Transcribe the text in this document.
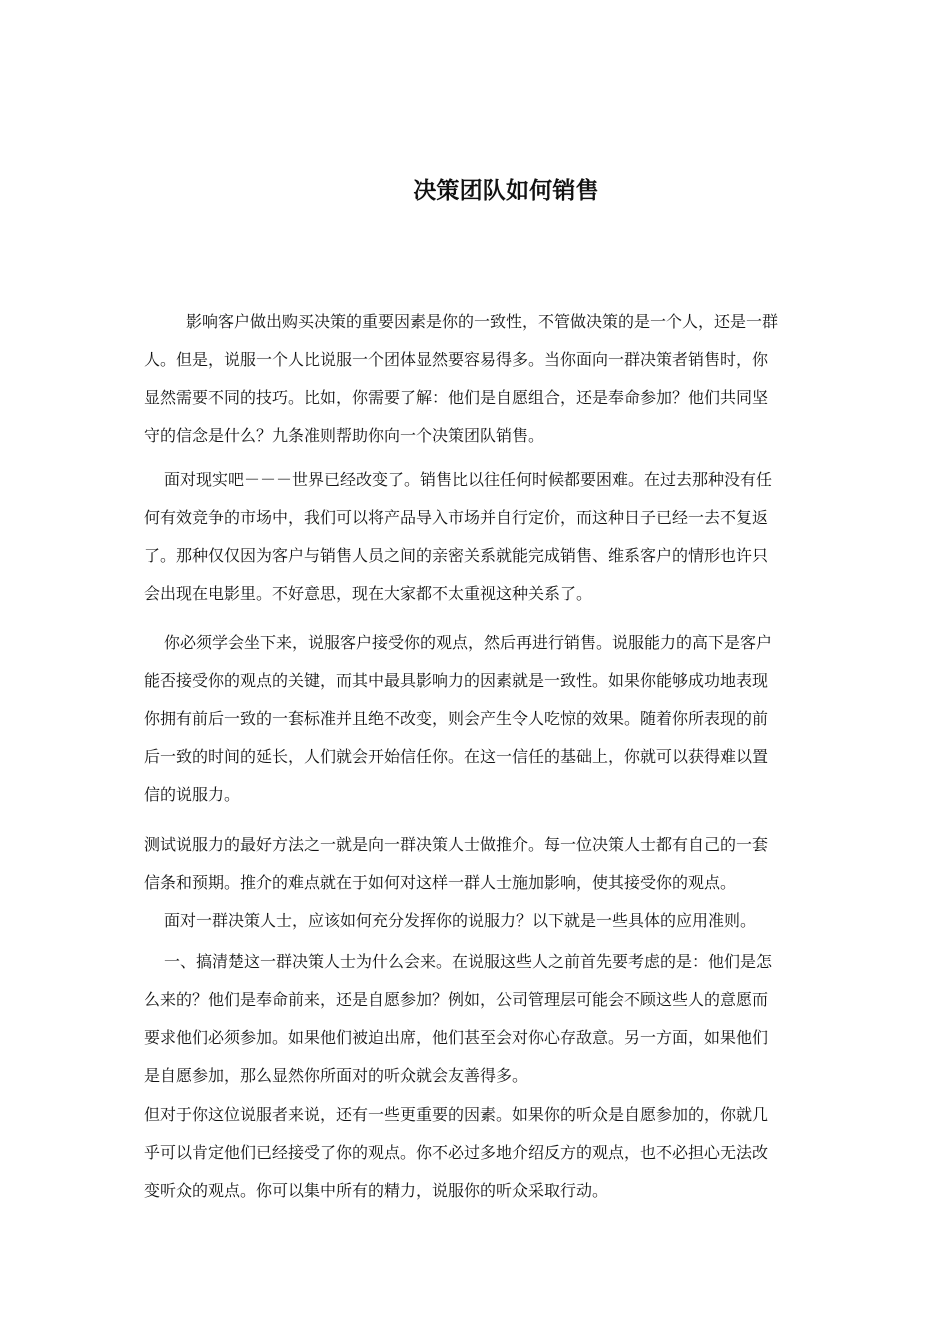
决策团队如何销售

影响客户做出购买决策的重要因素是你的一致性，不管做决策的是一个人，还是一群
人。但是，说服一个人比说服一个团体显然要容易得多。当你面向一群决策者销售时，你
显然需要不同的技巧。比如，你需要了解：他们是自愿组合，还是奉命参加？他们共同坚
守的信念是什么？九条准则帮助你向一个决策团队销售。

面对现实吧－－－世界已经改变了。销售比以往任何时候都要困难。在过去那种没有任
何有效竞争的市场中，我们可以将产品导入市场并自行定价，而这种日子已经一去不复返
了。那种仅仅因为客户与销售人员之间的亲密关系就能完成销售、维系客户的情形也许只
会出现在电影里。不好意思，现在大家都不太重视这种关系了。

你必须学会坐下来，说服客户接受你的观点，然后再进行销售。说服能力的高下是客户
能否接受你的观点的关键，而其中最具影响力的因素就是一致性。如果你能够成功地表现
你拥有前后一致的一套标准并且绝不改变，则会产生令人吃惊的效果。随着你所表现的前
后一致的时间的延长，人们就会开始信任你。在这一信任的基础上，你就可以获得难以置
信的说服力。

测试说服力的最好方法之一就是向一群决策人士做推介。每一位决策人士都有自己的一套
信条和预期。推介的难点就在于如何对这样一群人士施加影响，使其接受你的观点。

面对一群决策人士，应该如何充分发挥你的说服力？以下就是一些具体的应用准则。

一、搞清楚这一群决策人士为什么会来。在说服这些人之前首先要考虑的是：他们是怎
么来的？他们是奉命前来，还是自愿参加？例如，公司管理层可能会不顾这些人的意愿而
要求他们必须参加。如果他们被迫出席，他们甚至会对你心存敌意。另一方面，如果他们
是自愿参加，那么显然你所面对的听众就会友善得多。

但对于你这位说服者来说，还有一些更重要的因素。如果你的听众是自愿参加的，你就几
乎可以肯定他们已经接受了你的观点。你不必过多地介绍反方的观点，也不必担心无法改
变听众的观点。你可以集中所有的精力，说服你的听众采取行动。
